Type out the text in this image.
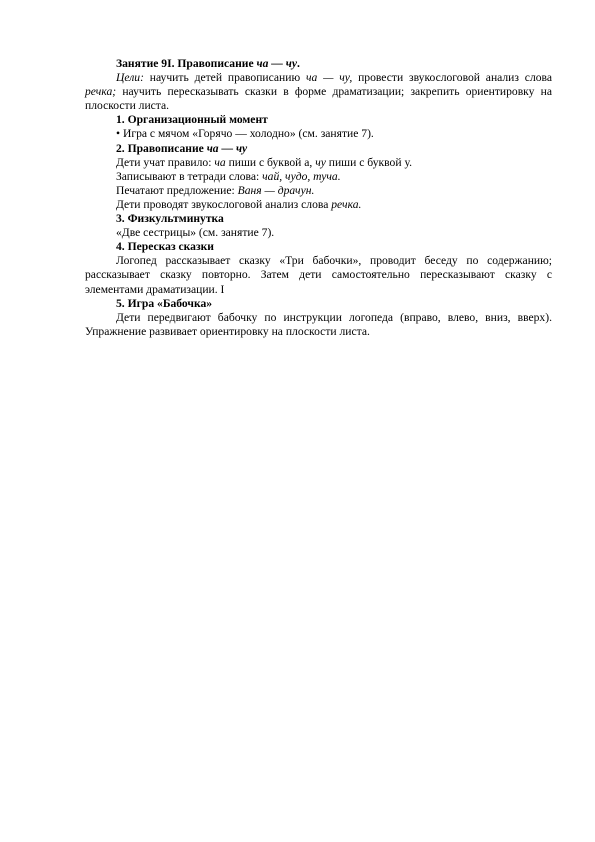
Занятие 9І. Правописание ча — чу.

Цели: научить детей правописанию ча — чу, провести звукослоговой анализ слова речка; научить пересказывать сказки в форме драматизации; закрепить ориентировку на плоскости листа.

1. Организационный момент

• Игра с мячом «Горячо — холодно» (см. занятие 7).

2. Правописание ча — чу

Дети учат правило: ча пиши с буквой а, чу пиши с буквой у.

Записывают в тетради слова: чай, чудо, туча.

Печатают предложение: Ваня — драчун.

Дети проводят звукослоговой анализ слова речка.

3. Физкультминутка

«Две сестрицы» (см. занятие 7).

4. Пересказ сказки

Логопед рассказывает сказку «Три бабочки», проводит беседу по содержанию; рассказывает сказку повторно. Затем дети самостоятельно пересказывают сказку с элементами драматизации. I

5. Игра «Бабочка»

Дети передвигают бабочку по инструкции логопеда (вправо, влево, вниз, вверх). Упражнение развивает ориентировку на плоскости листа.
